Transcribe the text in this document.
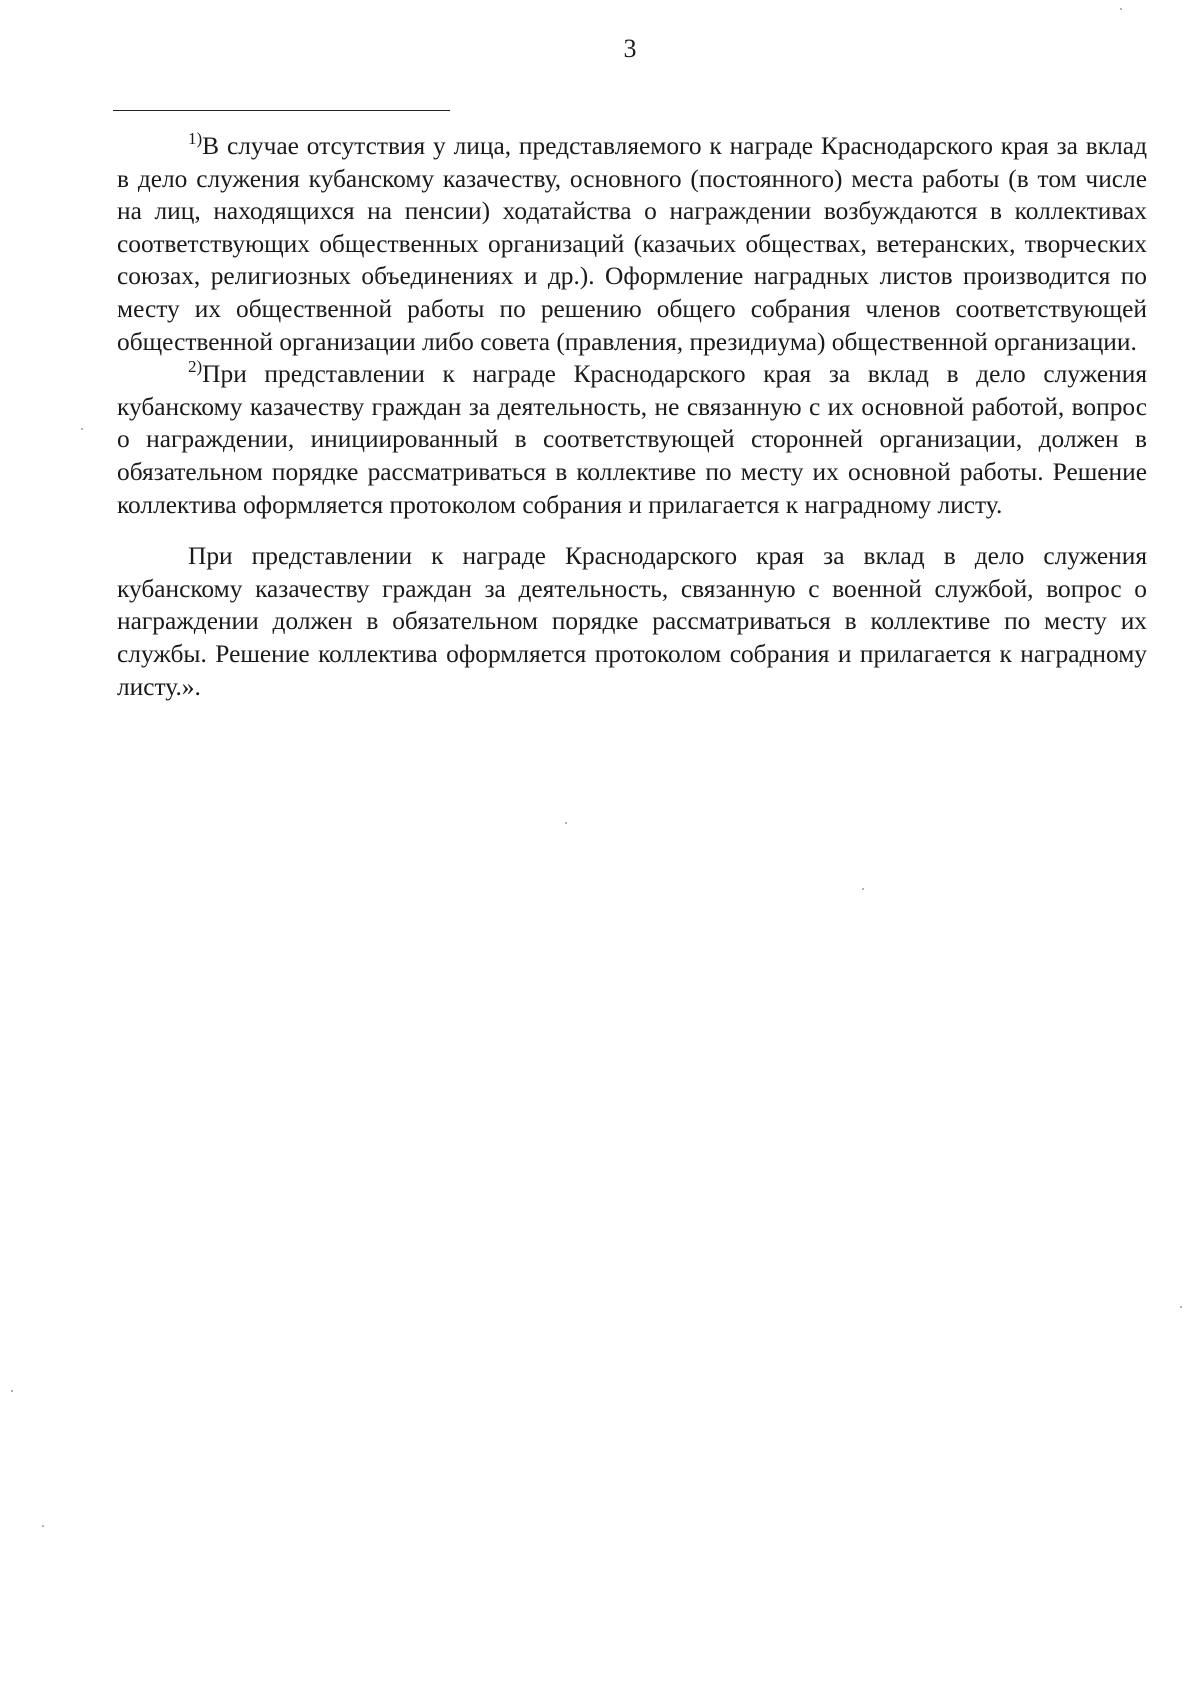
3

$^{1)}$В случае отсутствия у лица, представляемого к награде Краснодарского края за вклад в дело служения кубанскому казачеству, основного (постоянного) места работы (в том числе на лиц, находящихся на пенсии) ходатайства о награждении возбуждаются в коллективах соответствующих общественных организаций (казачьих обществах, ветеранских, творческих союзах, религиозных объединениях и др.). Оформление наградных листов производится по месту их общественной работы по решению общего собрания членов соответствующей общественной организации либо совета (правления, президиума) общественной организации.

$^{2)}$При представлении к награде Краснодарского края за вклад в дело служения кубанскому казачеству граждан за деятельность, не связанную с их основной работой, вопрос о награждении, инициированный в соответствующей сторонней организации, должен в обязательном порядке рассматриваться в коллективе по месту их основной работы. Решение коллектива оформляется протоколом собрания и прилагается к наградному листу.

При представлении к награде Краснодарского края за вклад в дело служения кубанскому казачеству граждан за деятельность, связанную с военной службой, вопрос о награждении должен в обязательном порядке рассматриваться в коллективе по месту их службы. Решение коллектива оформляется протоколом собрания и прилагается к наградному листу.».
